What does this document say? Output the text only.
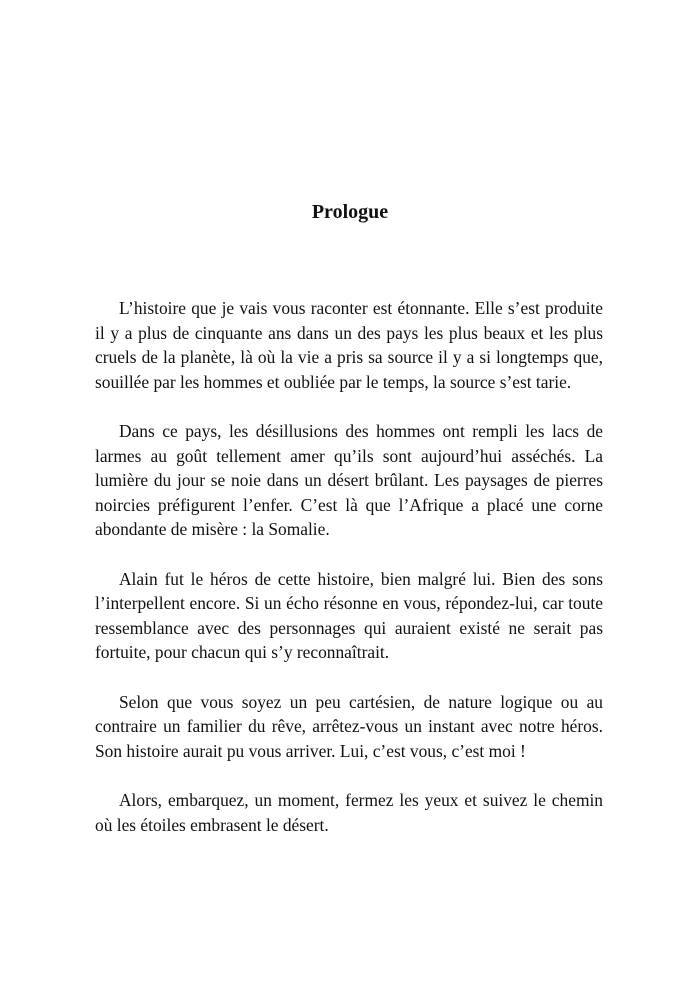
Prologue

L’histoire que je vais vous raconter est étonnante. Elle s’est produite il y a plus de cinquante ans dans un des pays les plus beaux et les plus cruels de la planète, là où la vie a pris sa source il y a si longtemps que, souillée par les hommes et oubliée par le temps, la source s’est tarie.

Dans ce pays, les désillusions des hommes ont rempli les lacs de larmes au goût tellement amer qu’ils sont aujourd’hui asséchés. La lumière du jour se noie dans un désert brûlant. Les paysages de pierres noircies préfigurent l’enfer. C’est là que l’Afrique a placé une corne abondante de misère : la Somalie.

Alain fut le héros de cette histoire, bien malgré lui. Bien des sons l’interpellent encore. Si un écho résonne en vous, répondez-lui, car toute ressemblance avec des personnages qui auraient existé ne serait pas fortuite, pour chacun qui s’y reconnaîtrait.

Selon que vous soyez un peu cartésien, de nature logique ou au contraire un familier du rêve, arrêtez-vous un instant avec notre héros. Son histoire aurait pu vous arriver. Lui, c’est vous, c’est moi !

Alors, embarquez, un moment, fermez les yeux et suivez le chemin où les étoiles embrasent le désert.
